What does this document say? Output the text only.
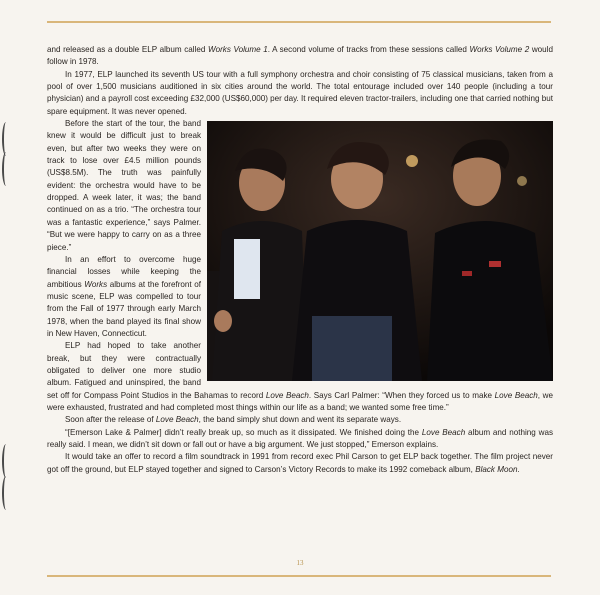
and released as a double ELP album called Works Volume 1. A second volume of tracks from these sessions called Works Volume 2 would follow in 1978.

In 1977, ELP launched its seventh US tour with a full symphony orchestra and choir consisting of 75 classical musicians, taken from a pool of over 1,500 musicians auditioned in six cities around the world. The total entourage included over 140 people (including a tour physician) and a payroll cost exceeding £32,000 (US$60,000) per day. It required eleven tractor-trailers, including one that carried nothing but spare equipment. It was never opened.

Before the start of the tour, the band knew it would be difficult just to break even, but after two weeks they were on track to lose over £4.5 million pounds (US$8.5M). The truth was painfully evident: the orchestra would have to be dropped. A week later, it was; the band continued on as a trio. “The orchestra tour was a fantastic experience,” says Palmer. “But we were happy to carry on as a three piece.”

In an effort to overcome huge financial losses while keeping the ambitious Works albums at the forefront of music scene, ELP was compelled to tour from the Fall of 1977 through early March 1978, when the band played its final show in New Haven, Connecticut.

ELP had hoped to take another break, but they were contractually obligated to deliver one more studio album. Fatigued and uninspired, the band set off for Compass Point Studios in the Bahamas to record Love Beach. Says Carl Palmer: “When they forced us to make Love Beach, we were exhausted, frustrated and had completed most things within our life as a band; we wanted some free time.”

Soon after the release of Love Beach, the band simply shut down and went its separate ways.

“[Emerson Lake & Palmer] didn’t really break up, so much as it dissipated. We finished doing the Love Beach album and nothing was really said. I mean, we didn’t sit down or fall out or have a big argument. We just stopped,” Emerson explains.

It would take an offer to record a film soundtrack in 1991 from record exec Phil Carson to get ELP back together. The film project never got off the ground, but ELP stayed together and signed to Carson’s Victory Records to make its 1992 comeback album, Black Moon.

13
